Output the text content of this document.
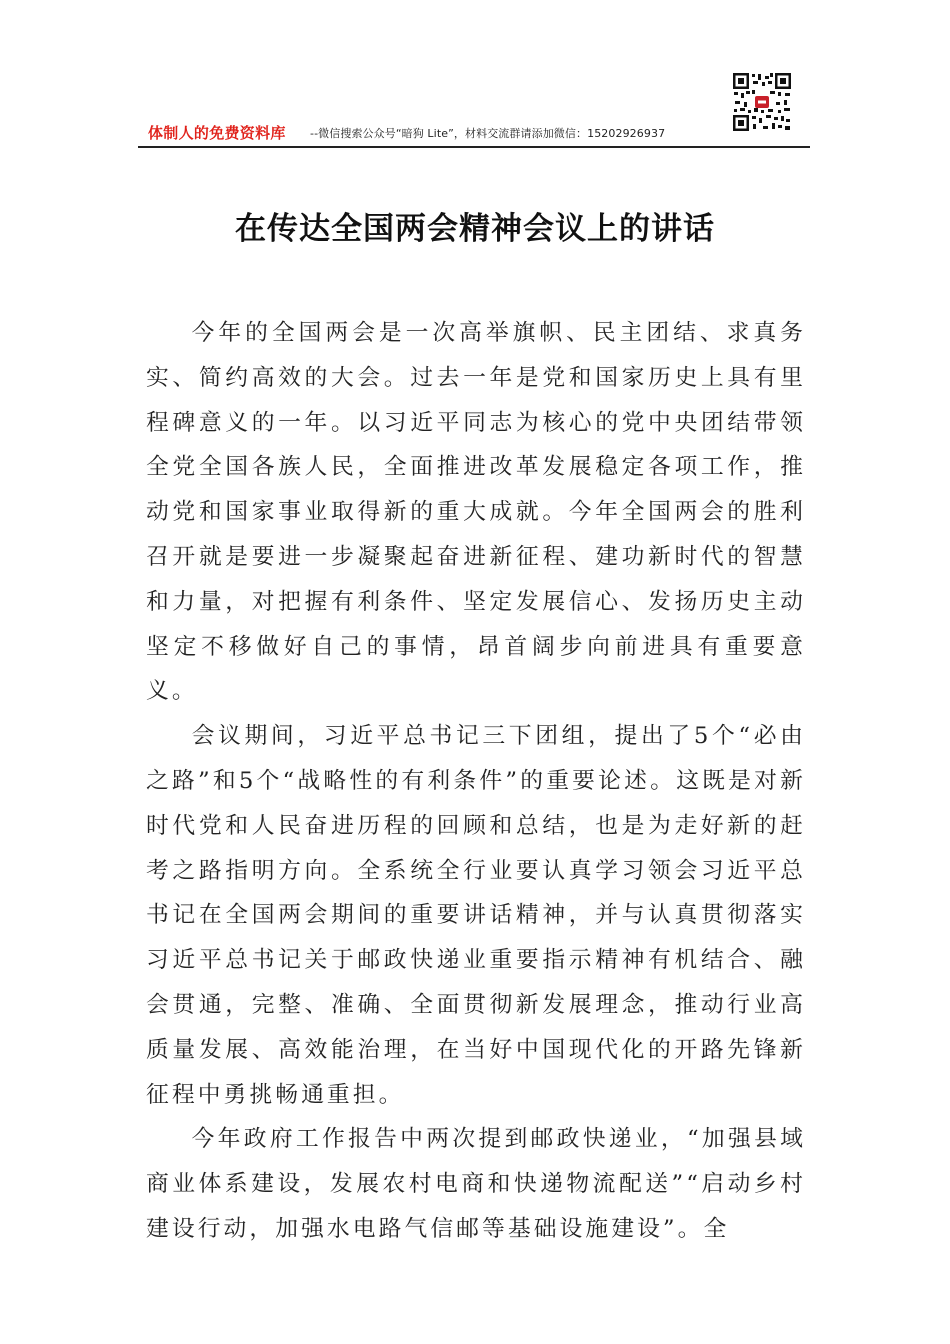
体制人的免费资料库 --微信搜索公众号“暗狗 Lite”，材料交流群请添加微信：15202926937
在传达全国两会精神会议上的讲话

今年的全国两会是一次高举旗帜、民主团结、求真务实、简约高效的大会。过去一年是党和国家历史上具有里程碑意义的一年。以习近平同志为核心的党中央团结带领全党全国各族人民，全面推进改革发展稳定各项工作，推动党和国家事业取得新的重大成就。今年全国两会的胜利召开就是要进一步凝聚起奋进新征程、建功新时代的智慧和力量，对把握有利条件、坚定发展信心、发扬历史主动坚定不移做好自己的事情，昂首阔步向前进具有重要意义。

会议期间，习近平总书记三下团组，提出了5个“必由之路”和5个“战略性的有利条件”的重要论述。这既是对新时代党和人民奋进历程的回顾和总结，也是为走好新的赶考之路指明方向。全系统全行业要认真学习领会习近平总书记在全国两会期间的重要讲话精神，并与认真贯彻落实习近平总书记关于邮政快递业重要指示精神有机结合、融会贯通，完整、准确、全面贯彻新发展理念，推动行业高质量发展、高效能治理，在当好中国现代化的开路先锋新征程中勇挑畅通重担。

今年政府工作报告中两次提到邮政快递业，“加强县域商业体系建设，发展农村电商和快递物流配送”“启动乡村建设行动，加强水电路气信邮等基础设施建设”。全
